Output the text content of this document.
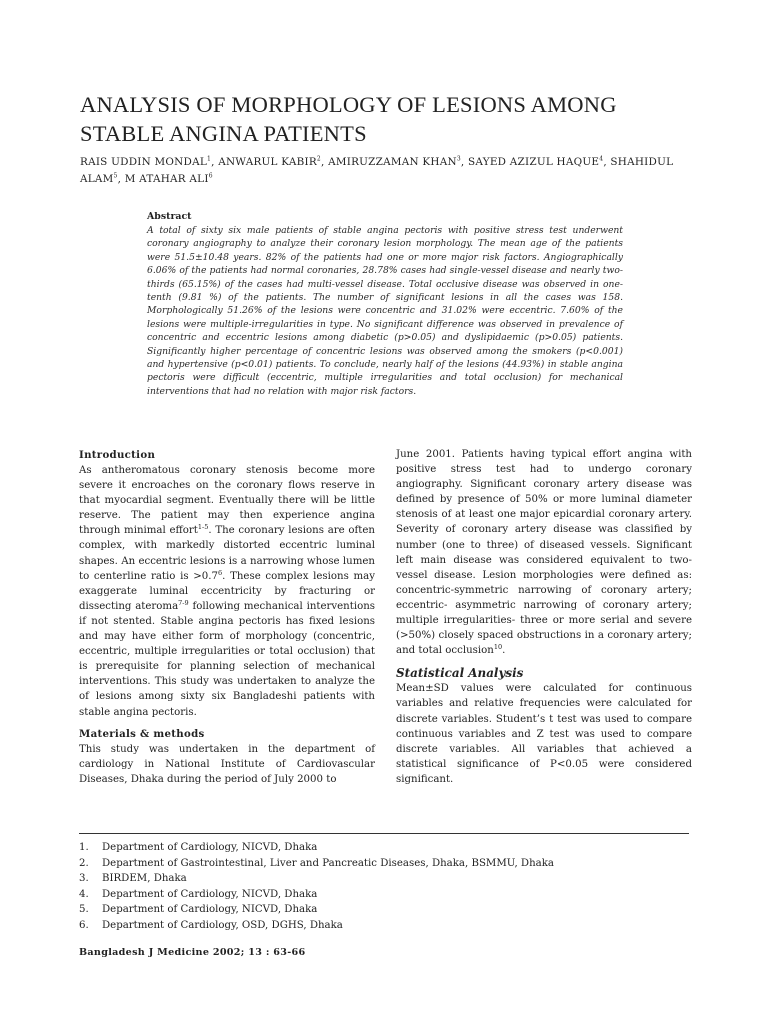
ANALYSIS OF MORPHOLOGY OF LESIONS AMONG STABLE ANGINA PATIENTS
RAIS UDDIN MONDAL$^1$, ANWARUL KABIR$^2$, AMIRUZZAMAN KHAN$^3$, SAYED AZIZUL HAQUE$^4$, SHAHIDUL ALAM$^5$, M ATAHAR ALI$^6$
Abstract
A total of sixty six male patients of stable angina pectoris with positive stress test underwent coronary angiography to analyze their coronary lesion morphology. The mean age of the patients were 51.5±10.48 years. 82% of the patients had one or more major risk factors. Angiographically 6.06% of the patients had normal coronaries, 28.78% cases had single-vessel disease and nearly two-thirds (65.15%) of the cases had multi-vessel disease. Total occlusive disease was observed in one-tenth (9.81 %) of the patients. The number of significant lesions in all the cases was 158. Morphologically 51.26% of the lesions were concentric and 31.02% were eccentric. 7.60% of the lesions were multiple-irregularities in type. No significant difference was observed in prevalence of concentric and eccentric lesions among diabetic (p>0.05) and dyslipidaemic (p>0.05) patients. Significantly higher percentage of concentric lesions was observed among the smokers (p<0.001) and hypertensive (p<0.01) patients. To conclude, nearly half of the lesions (44.93%) in stable angina pectoris were difficult (eccentric, multiple irregularities and total occlusion) for mechanical interventions that had no relation with major risk factors.
Introduction

As antheromatous coronary stenosis become more severe it encroaches on the coronary flows reserve in that myocardial segment. Eventually there will be little reserve. The patient may then experience angina through minimal effort$^{1-5}$. The coronary lesions are often complex, with markedly distorted eccentric luminal shapes. An eccentric lesions is a narrowing whose lumen to centerline ratio is >0.7$^6$. These complex lesions may exaggerate luminal eccentricity by fracturing or dissecting ateroma$^{7-9}$ following mechanical interventions if not stented. Stable angina pectoris has fixed lesions and may have either form of morphology (concentric, eccentric, multiple irregularities or total occlusion) that is prerequisite for planning selection of mechanical interventions. This study was undertaken to analyze the of lesions among sixty six Bangladeshi patients with stable angina pectoris.

Materials & methods

This study was undertaken in the department of cardiology in National Institute of Cardiovascular Diseases, Dhaka during the period of July 2000 to

June 2001. Patients having typical effort angina with positive stress test had to undergo coronary angiography. Significant coronary artery disease was defined by presence of 50% or more luminal diameter stenosis of at least one major epicardial coronary artery. Severity of coronary artery disease was classified by number (one to three) of diseased vessels. Significant left main disease was considered equivalent to two-vessel disease. Lesion morphologies were defined as: concentric-symmetric narrowing of coronary artery; eccentric- asymmetric narrowing of coronary artery; multiple irregularities- three or more serial and severe (>50%) closely spaced obstructions in a coronary artery; and total occlusion$^{10}$.

Statistical Analysis

Mean±SD values were calculated for continuous variables and relative frequencies were calculated for discrete variables. Student’s t test was used to compare continuous variables and Z test was used to compare discrete variables. All variables that achieved a statistical significance of P<0.05 were considered significant.

1.	Department of Cardiology, NICVD, Dhaka
2.	Department of Gastrointestinal, Liver and Pancreatic Diseases, Dhaka, BSMMU, Dhaka
3.	BIRDEM, Dhaka
4.	Department of Cardiology, NICVD, Dhaka
5.	Department of Cardiology, NICVD, Dhaka
6.	Department of Cardiology, OSD, DGHS, Dhaka
Bangladesh J Medicine 2002; 13 : 63-66
